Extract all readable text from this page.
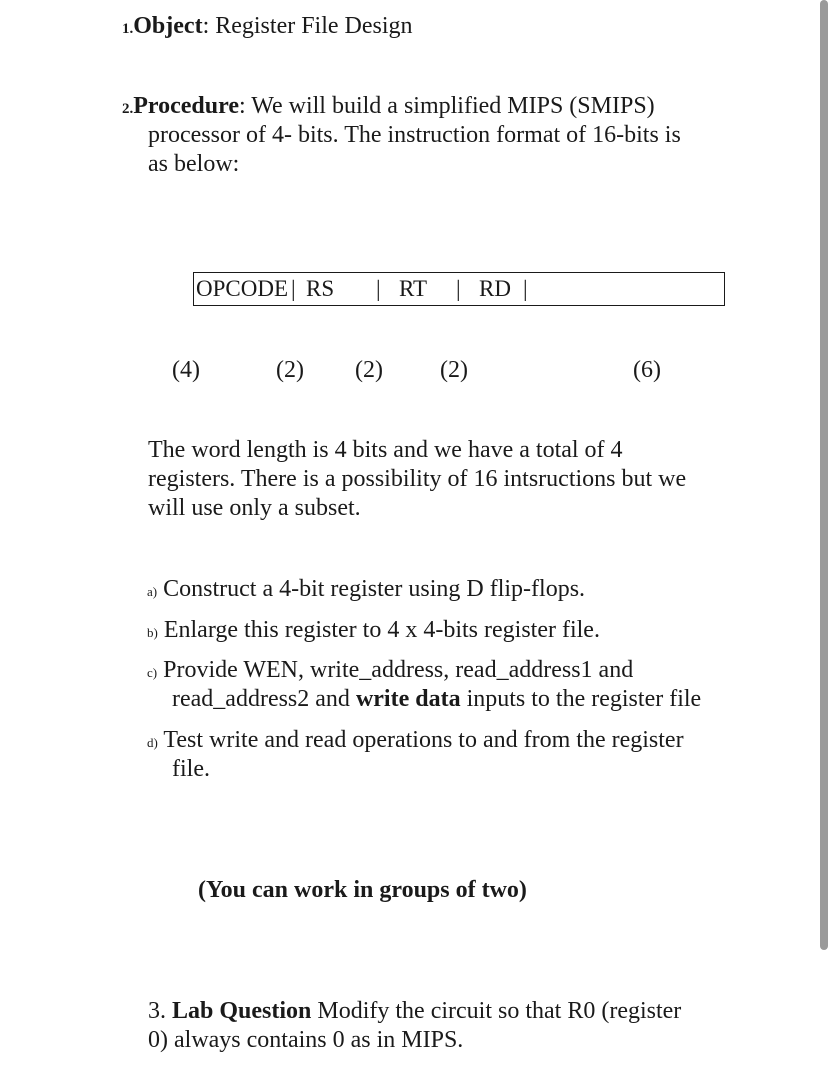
1.Object: Register File Design
2.Procedure: We will build a simplified MIPS (SMIPS)
processor of 4- bits. The instruction format of 16-bits is
as below:
OPCODE | RS | RT | RD |
(4)	(2) (2) (2)	(6)
The word length is 4 bits and we have a total of 4
registers. There is a possibility of 16 intsructions but we
will use only a subset.
a) Construct a 4-bit register using D flip-flops.
b) Enlarge this register to 4 x 4-bits register file.
c) Provide WEN, write_address, read_address1 and
read_address2 and write data inputs to the register file
d) Test write and read operations to and from the register
file.
(You can work in groups of two)
3. Lab Question Modify the circuit so that R0 (register
0) always contains 0 as in MIPS.
